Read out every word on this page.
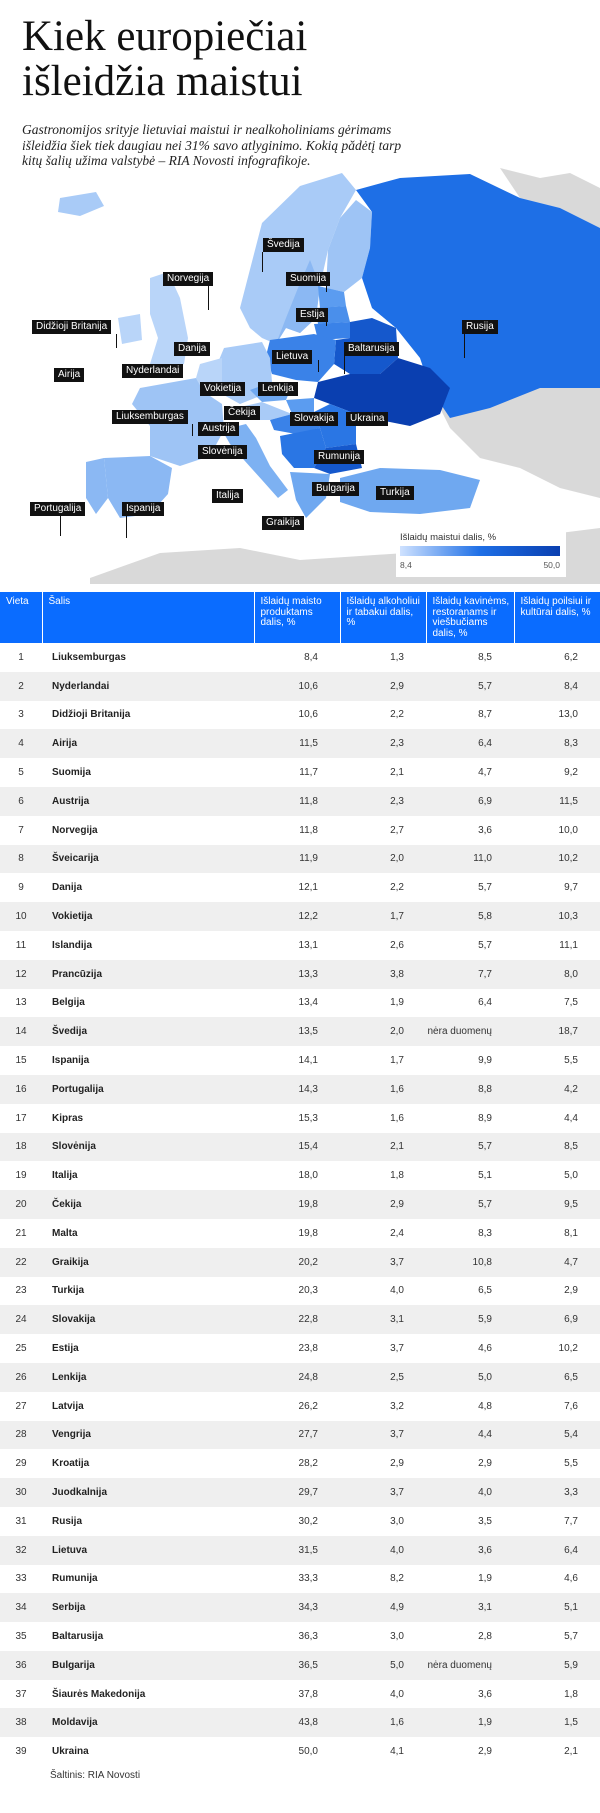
Kiek europiečiai
išleidžia maistui
Gastronomijos srityje lietuviai maistui ir nealkoholiniams gėrimams išleidžia šiek tiek daugiau nei 31% savo atlyginimo. Kokią pădėtį tarp kitų šalių užima valstybė – RIA Novosti infografikoje.
Švedija
Norvegija	Suomija
Estija
Rusija
Didžioji Britanija
Danija	Baltarusija
Airija	Nyderlandai
Lietuva
Vokietija	Lenkija
Liuksemburgas	Čekija
Slovakija	Ukraina
Austrija
Slovėnija	Rumunija
Portugalija	Ispanija
Italija
Bulgarija	Turkija
Graikija
Išlaidų maistui dalis, %
8,4	50,0
Vieta	Šalis	Išlaidų maisto produktams dalis, %	Išlaidų alkoholiui ir tabakui dalis, %	Išlaidų kavinėms, restoranams ir viešbučiams dalis, %	Išlaidų poilsiui ir kultūrai dalis, %
1	Liuksemburgas	8,4	1,3	8,5	6,2
2	Nyderlandai	10,6	2,9	5,7	8,4
3	Didžioji Britanija	10,6	2,2	8,7	13,0
4	Airija	11,5	2,3	6,4	8,3
5	Suomija	11,7	2,1	4,7	9,2
6	Austrija	11,8	2,3	6,9	11,5
7	Norvegija	11,8	2,7	3,6	10,0
8	Šveicarija	11,9	2,0	11,0	10,2
9	Danija	12,1	2,2	5,7	9,7
10	Vokietija	12,2	1,7	5,8	10,3
11	Islandija	13,1	2,6	5,7	11,1
12	Prancūzija	13,3	3,8	7,7	8,0
13	Belgija	13,4	1,9	6,4	7,5
14	Švedija	13,5	2,0	nėra duomenų	18,7
15	Ispanija	14,1	1,7	9,9	5,5
16	Portugalija	14,3	1,6	8,8	4,2
17	Kipras	15,3	1,6	8,9	4,4
18	Slovėnija	15,4	2,1	5,7	8,5
19	Italija	18,0	1,8	5,1	5,0
20	Čekija	19,8	2,9	5,7	9,5
21	Malta	19,8	2,4	8,3	8,1
22	Graikija	20,2	3,7	10,8	4,7
23	Turkija	20,3	4,0	6,5	2,9
24	Slovakija	22,8	3,1	5,9	6,9
25	Estija	23,8	3,7	4,6	10,2
26	Lenkija	24,8	2,5	5,0	6,5
27	Latvija	26,2	3,2	4,8	7,6
28	Vengrija	27,7	3,7	4,4	5,4
29	Kroatija	28,2	2,9	2,9	5,5
30	Juodkalnija	29,7	3,7	4,0	3,3
31	Rusija	30,2	3,0	3,5	7,7
32	Lietuva	31,5	4,0	3,6	6,4
33	Rumunija	33,3	8,2	1,9	4,6
34	Serbija	34,3	4,9	3,1	5,1
35	Baltarusija	36,3	3,0	2,8	5,7
36	Bulgarija	36,5	5,0	nėra duomenų	5,9
37	Šiaurės Makedonija	37,8	4,0	3,6	1,8
38	Moldavija	43,8	1,6	1,9	1,5
39	Ukraina	50,0	4,1	2,9	2,1
Šaltinis: RIA Novosti
